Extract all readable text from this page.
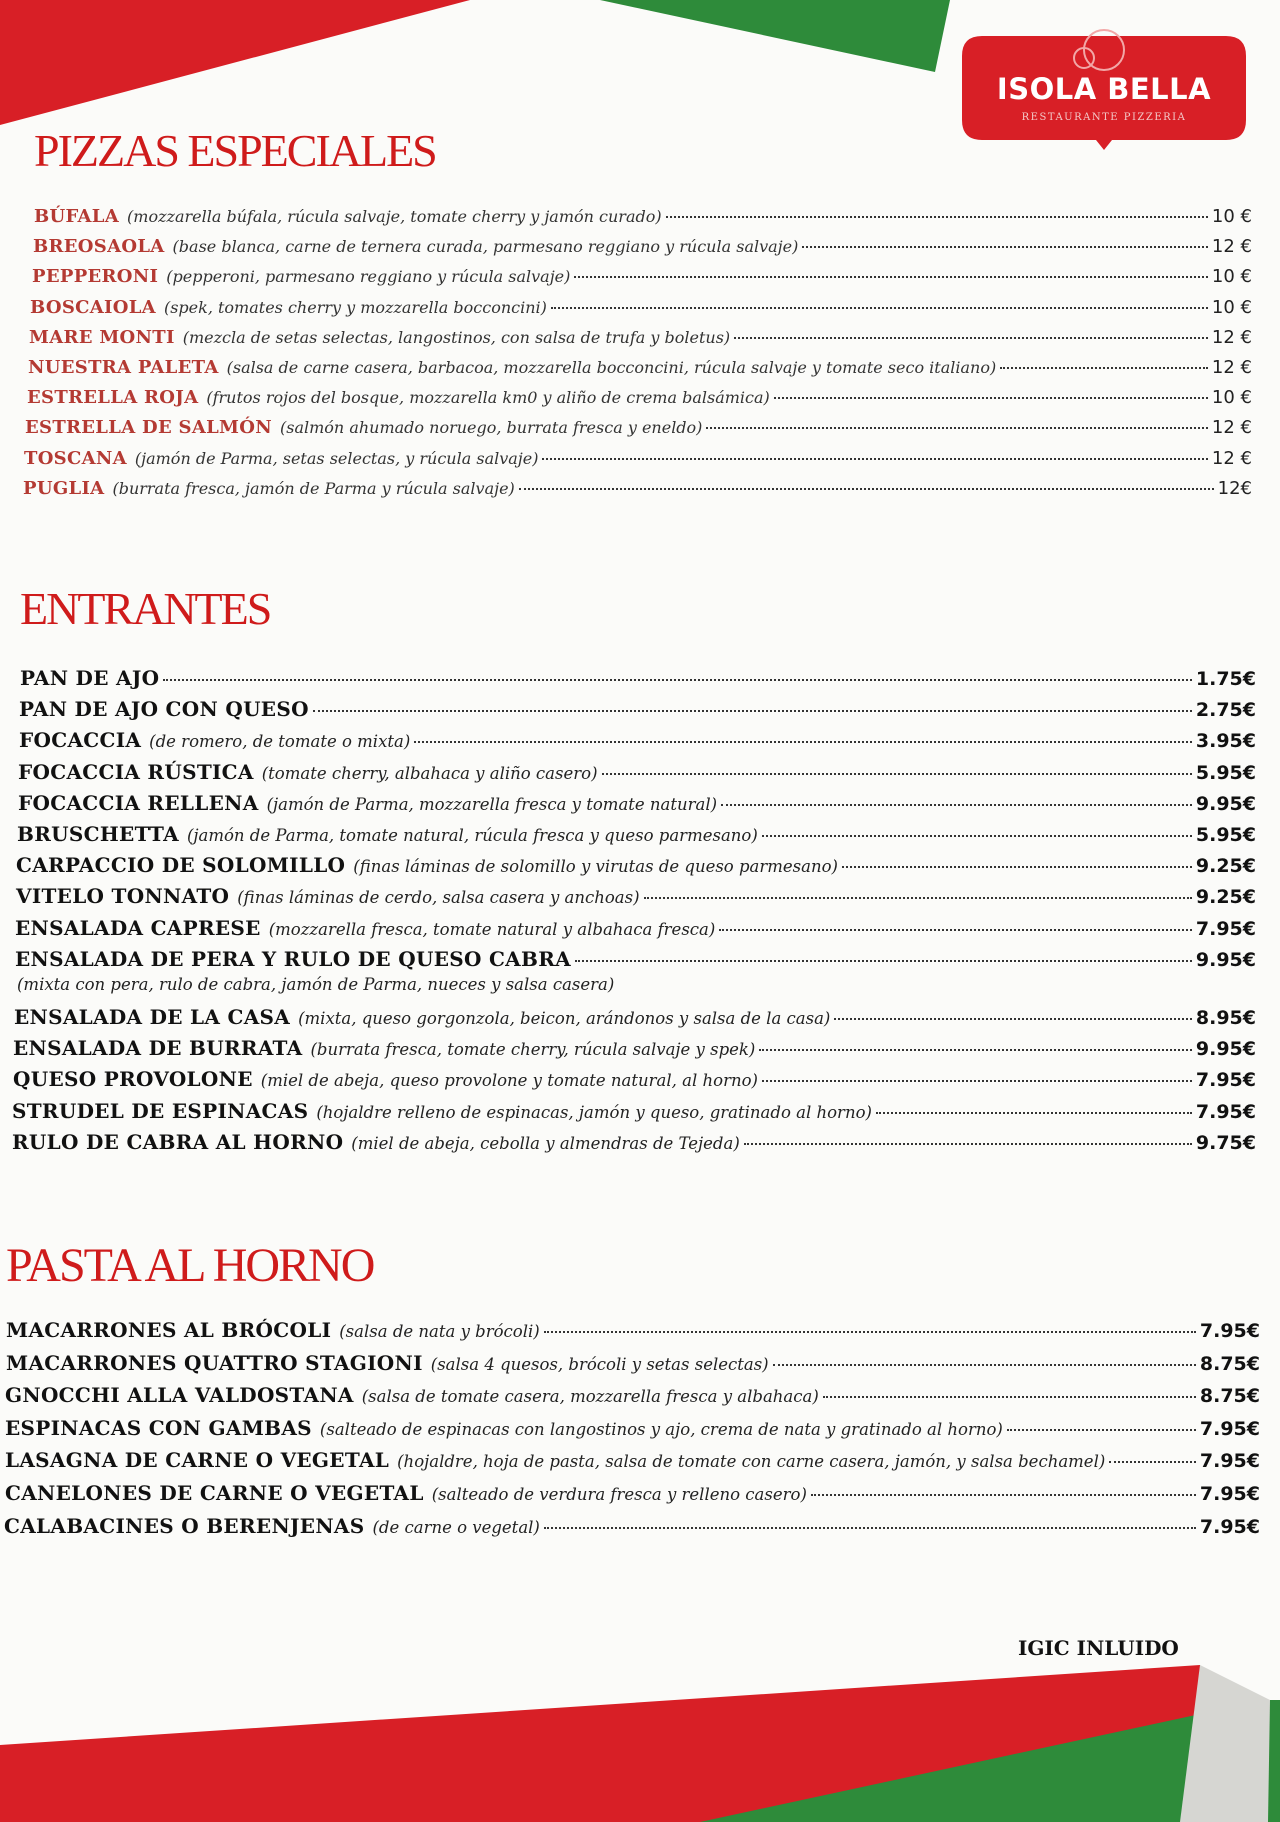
ISOLA BELLA
RESTAURANTE PIZZERIA
PIZZAS ESPECIALES
BÚFALA (mozzarella búfala, rúcula salvaje, tomate cherry y jamón curado)	10 €
BREOSAOLA (base blanca, carne de ternera curada, parmesano reggiano y rúcula salvaje)	12 €
PEPPERONI (pepperoni, parmesano reggiano y rúcula salvaje)	10 €
BOSCAIOLA (spek, tomates cherry y mozzarella bocconcini)	10 €
MARE MONTI (mezcla de setas selectas, langostinos, con salsa de trufa y boletus)	12 €
NUESTRA PALETA (salsa de carne casera, barbacoa, mozzarella bocconcini, rúcula salvaje y tomate seco italiano)	12 €
ESTRELLA ROJA (frutos rojos del bosque, mozzarella km0 y aliño de crema balsámica)	10 €
ESTRELLA DE SALMÓN (salmón ahumado noruego, burrata fresca y eneldo)	12 €
TOSCANA (jamón de Parma, setas selectas, y rúcula salvaje)	12 €
PUGLIA (burrata fresca, jamón de Parma y rúcula salvaje)	12€
ENTRANTES
PAN DE AJO	1.75€
PAN DE AJO CON QUESO	2.75€
FOCACCIA (de romero, de tomate o mixta)	3.95€
FOCACCIA RÚSTICA (tomate cherry, albahaca y aliño casero)	5.95€
FOCACCIA RELLENA (jamón de Parma, mozzarella fresca y tomate natural)	9.95€
BRUSCHETTA (jamón de Parma, tomate natural, rúcula fresca y queso parmesano)	5.95€
CARPACCIO DE SOLOMILLO (finas láminas de solomillo y virutas de queso parmesano)	9.25€
VITELO TONNATO (finas láminas de cerdo, salsa casera y anchoas)	9.25€
ENSALADA CAPRESE (mozzarella fresca, tomate natural y albahaca fresca)	7.95€
ENSALADA DE PERA Y RULO DE QUESO CABRA	9.95€
(mixta con pera, rulo de cabra, jamón de Parma, nueces y salsa casera)
ENSALADA DE LA CASA (mixta, queso gorgonzola, beicon, arándonos y salsa de la casa)	8.95€
ENSALADA DE BURRATA (burrata fresca, tomate cherry, rúcula salvaje y spek)	9.95€
QUESO PROVOLONE (miel de abeja, queso provolone y tomate natural, al horno)	7.95€
STRUDEL DE ESPINACAS (hojaldre relleno de espinacas, jamón y queso, gratinado al horno)	7.95€
RULO DE CABRA AL HORNO (miel de abeja, cebolla y almendras de Tejeda)	9.75€
PASTA AL HORNO
MACARRONES AL BRÓCOLI (salsa de nata y brócoli)	7.95€
MACARRONES QUATTRO STAGIONI (salsa 4 quesos, brócoli y setas selectas)	8.75€
GNOCCHI ALLA VALDOSTANA (salsa de tomate casera, mozzarella fresca y albahaca)	8.75€
ESPINACAS CON GAMBAS (salteado de espinacas con langostinos y ajo, crema de nata y gratinado al horno)	7.95€
LASAGNA DE CARNE O VEGETAL (hojaldre, hoja de pasta, salsa de tomate con carne casera, jamón, y salsa bechamel)	7.95€
CANELONES DE CARNE O VEGETAL (salteado de verdura fresca y relleno casero)	7.95€
CALABACINES O BERENJENAS (de carne o vegetal)	7.95€
IGIC INLUIDO
